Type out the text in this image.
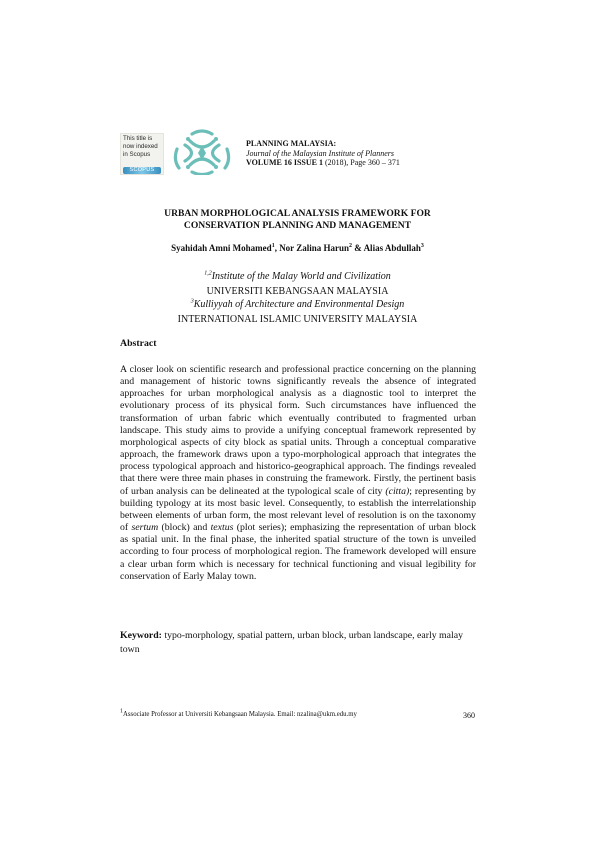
This title is
now indexed
in Scopus
SCOPUS
PLANNING MALAYSIA:
Journal of the Malaysian Institute of Planners
VOLUME 16 ISSUE 1 (2018), Page 360 – 371
URBAN MORPHOLOGICAL ANALYSIS FRAMEWORK FOR
CONSERVATION PLANNING AND MANAGEMENT
Syahidah Amni Mohamed$^1$, Nor Zalina Harun$^2$ & Alias Abdullah$^3$
$^{1,2}$Institute of the Malay World and Civilization
UNIVERSITI KEBANGSAAN MALAYSIA
$^3$Kulliyyah of Architecture and Environmental Design
INTERNATIONAL ISLAMIC UNIVERSITY MALAYSIA
Abstract
A closer look on scientific research and professional practice concerning on the planning and management of historic towns significantly reveals the absence of integrated approaches for urban morphological analysis as a diagnostic tool to interpret the evolutionary process of its physical form. Such circumstances have influenced the transformation of urban fabric which eventually contributed to fragmented urban landscape. This study aims to provide a unifying conceptual framework represented by morphological aspects of city block as spatial units. Through a conceptual comparative approach, the framework draws upon a typo-morphological approach that integrates the process typological approach and historico-geographical approach. The findings revealed that there were three main phases in construing the framework. Firstly, the pertinent basis of urban analysis can be delineated at the typological scale of city (citta); representing by building typology at its most basic level. Consequently, to establish the interrelationship between elements of urban form, the most relevant level of resolution is on the taxonomy of sertum (block) and textus (plot series); emphasizing the representation of urban block as spatial unit. In the final phase, the inherited spatial structure of the town is unveiled according to four process of morphological region. The framework developed will ensure a clear urban form which is necessary for technical functioning and visual legibility for conservation of Early Malay town.
Keyword: typo-morphology, spatial pattern, urban block, urban landscape, early malay town
$^1$Associate Professor at Universiti Kebangsaan Malaysia. Email: nzalina@ukm.edu.my	360
